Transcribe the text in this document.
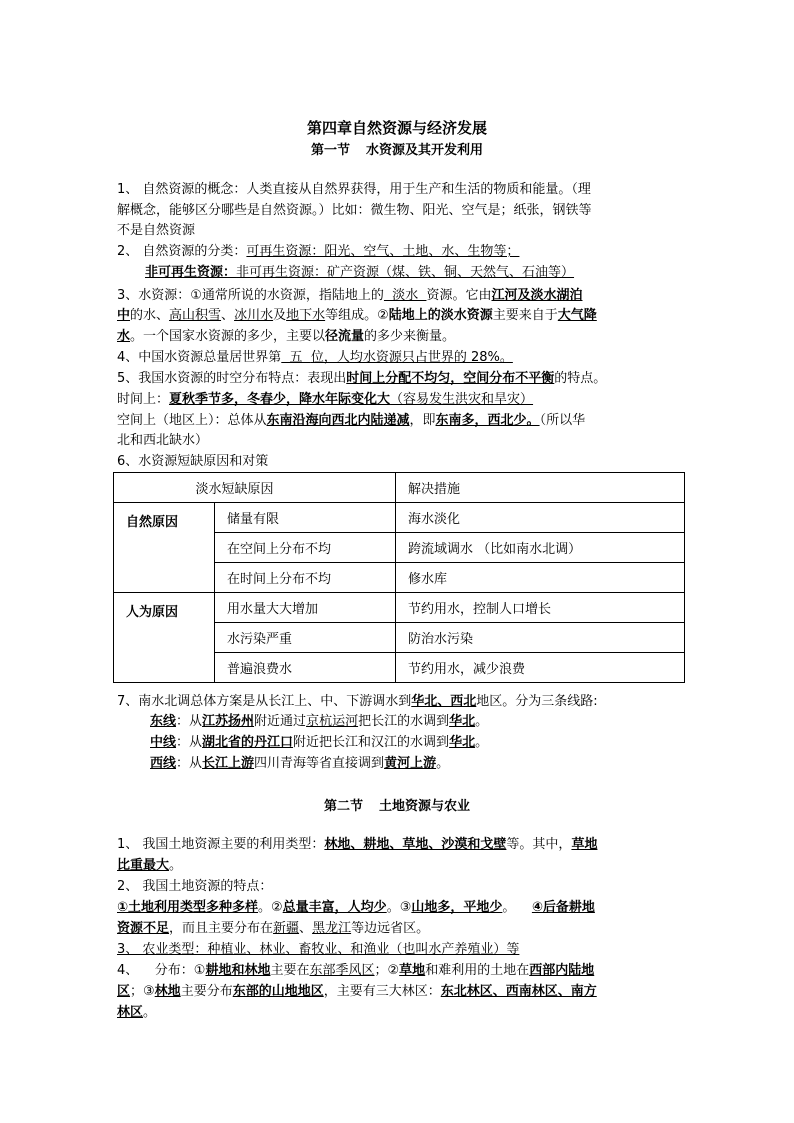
第四章自然资源与经济发展
第一节 水资源及其开发利用
1、 自然资源的概念：人类直接从自然界获得，用于生产和生活的物质和能量。（理
解概念，能够区分哪些是自然资源。）比如：微生物、阳光、空气是；纸张，钢铁等
不是自然资源
2、 自然资源的分类：可再生资源：阳光、空气、土地、水、生物等；
非可再生资源：非可再生资源：矿产资源（煤、铁、铜、天然气、石油等）
3、水资源：①通常所说的水资源，指陆地上的  淡水  资源。它由江河及淡水湖泊
中的水、高山积雪、冰川水及地下水等组成。②陆地上的淡水资源主要来自于大气降
水。一个国家水资源的多少，主要以径流量的多少来衡量。
4、中国水资源总量居世界第  五  位，人均水资源只占世界的 28%。
5、我国水资源的时空分布特点：表现出时间上分配不均匀，空间分布不平衡的特点。
时间上：夏秋季节多，冬春少，降水年际变化大（容易发生洪灾和旱灾）
空间上（地区上）：总体从东南沿海向西北内陆递减，即东南多，西北少。（所以华
北和西北缺水）
6、水资源短缺原因和对策
淡水短缺原因		解决措施
自然原因	储量有限	海水淡化
	在空间上分布不均	跨流域调水 （比如南水北调）
	在时间上分布不均	修水库
人为原因	用水量大大增加	节约用水，控制人口增长
	水污染严重	防治水污染
	普遍浪费水	节约用水，减少浪费
7、南水北调总体方案是从长江上、中、下游调水到华北、西北地区。分为三条线路:
东线：从江苏扬州附近通过京杭运河把长江的水调到华北。
中线：从湖北省的丹江口附近把长江和汉江的水调到华北。
西线：从长江上游四川青海等省直接调到黄河上游。
第二节 土地资源与农业
1、 我国土地资源主要的利用类型：林地、耕地、草地、沙漠和戈壁等。其中，草地
比重最大。
2、 我国土地资源的特点：
①土地利用类型多种多样。②总量丰富，人均少。③山地多，平地少。    ④后备耕地
资源不足，而且主要分布在新疆、黑龙江等边远省区。
3、 农业类型：种植业、林业、畜牧业、和渔业（也叫水产养殖业）等
4、    分布：①耕地和林地主要在东部季风区；②草地和难利用的土地在西部内陆地
区；③林地主要分布东部的山地地区，主要有三大林区：东北林区、西南林区、南方
林区。
